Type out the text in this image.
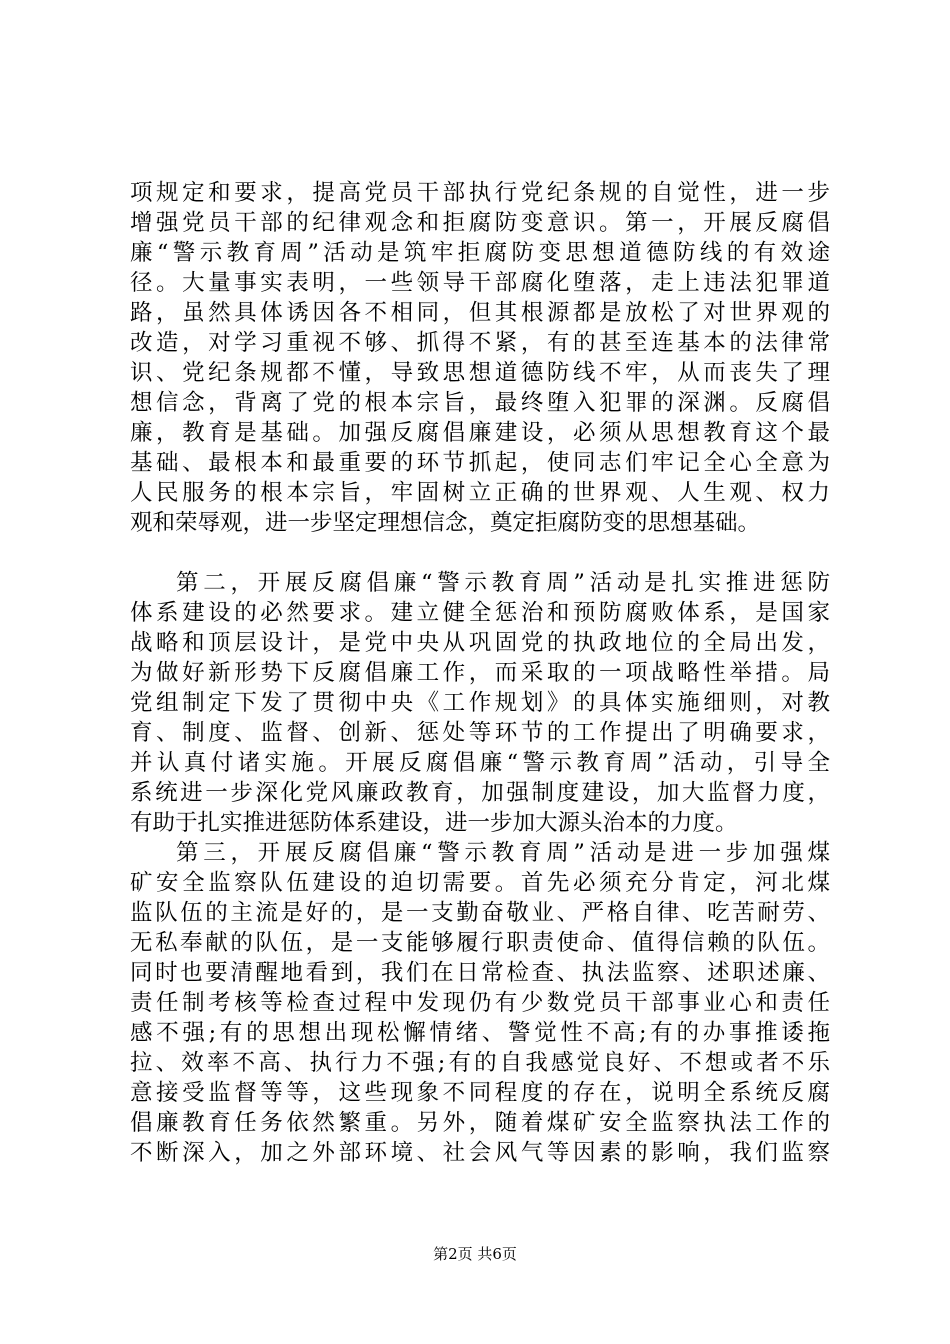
项规定和要求，提高党员干部执行党纪条规的自觉性，进一步
增强党员干部的纪律观念和拒腐防变意识。第一，开展反腐倡
廉“警示教育周”活动是筑牢拒腐防变思想道德防线的有效途
径。大量事实表明，一些领导干部腐化堕落，走上违法犯罪道
路，虽然具体诱因各不相同，但其根源都是放松了对世界观的
改造，对学习重视不够、抓得不紧，有的甚至连基本的法律常
识、党纪条规都不懂，导致思想道德防线不牢，从而丧失了理
想信念，背离了党的根本宗旨，最终堕入犯罪的深渊。反腐倡
廉，教育是基础。加强反腐倡廉建设，必须从思想教育这个最
基础、最根本和最重要的环节抓起，使同志们牢记全心全意为
人民服务的根本宗旨，牢固树立正确的世界观、人生观、权力
观和荣辱观，进一步坚定理想信念，奠定拒腐防变的思想基础。
第二，开展反腐倡廉“警示教育周”活动是扎实推进惩防
体系建设的必然要求。建立健全惩治和预防腐败体系，是国家
战略和顶层设计，是党中央从巩固党的执政地位的全局出发，
为做好新形势下反腐倡廉工作，而采取的一项战略性举措。局
党组制定下发了贯彻中央《工作规划》的具体实施细则，对教
育、制度、监督、创新、惩处等环节的工作提出了明确要求，
并认真付诸实施。开展反腐倡廉“警示教育周”活动，引导全
系统进一步深化党风廉政教育，加强制度建设，加大监督力度，
有助于扎实推进惩防体系建设，进一步加大源头治本的力度。
第三，开展反腐倡廉“警示教育周”活动是进一步加强煤
矿安全监察队伍建设的迫切需要。首先必须充分肯定，河北煤
监队伍的主流是好的，是一支勤奋敬业、严格自律、吃苦耐劳、
无私奉献的队伍，是一支能够履行职责使命、值得信赖的队伍。
同时也要清醒地看到，我们在日常检查、执法监察、述职述廉、
责任制考核等检查过程中发现仍有少数党员干部事业心和责任
感不强;有的思想出现松懈情绪、警觉性不高;有的办事推诿拖
拉、效率不高、执行力不强;有的自我感觉良好、不想或者不乐
意接受监督等等，这些现象不同程度的存在，说明全系统反腐
倡廉教育任务依然繁重。另外，随着煤矿安全监察执法工作的
不断深入，加之外部环境、社会风气等因素的影响，我们监察
第2页 共6页
